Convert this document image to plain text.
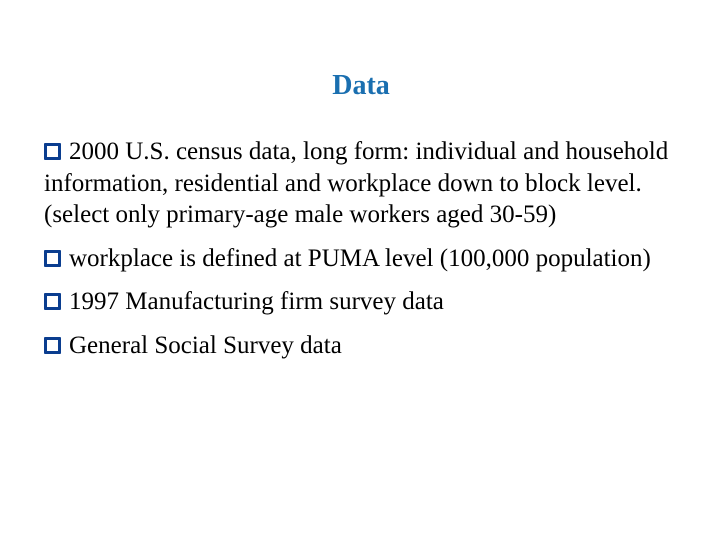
Data
2000 U.S. census data, long form: individual and household information, residential and workplace down to block level. (select only primary-age male workers aged 30-59)
workplace is defined at PUMA level (100,000 population)
1997 Manufacturing firm survey data
General Social Survey data
